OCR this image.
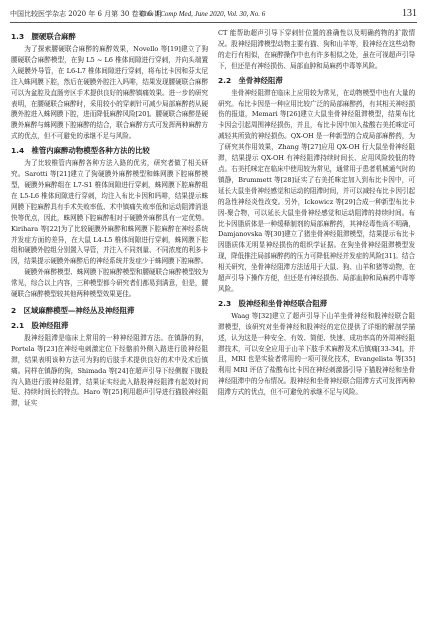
中国比较医学杂志 2020 年 6 月第 30 卷第 6 期
Chin J Comp Med, June 2020, Vol. 30, No. 6	131
1.3　腰硬联合麻醉

为了探索腰硬联合麻醉的麻醉效果，Novello 等[19]建立了狗腰硬联合麻醉模型，在狗 L5 ~ L6 椎体间隙进行穿刺，并向头端置入硬膜外导管，在 L6-L7 椎体间隙进行穿刺，将布比卡因和芬太尼注入蛛网膜下腔，然后在硬膜外腔注入吗啡，结果发现腰硬联合麻醉可以为盆腔及直肠旁区手术提供良好的麻醉镇痛效果。进一步的研究表明，在腰硬联合麻醉时，采用较小的穿刺针可减少局部麻醉药从硬膜外腔进入蛛网膜下腔，进而降低麻醉风险[20]。腰硬联合麻醉是硬膜外麻醉与蛛网膜下腔麻醉的结合，联合麻醉方式可发挥两种麻醉方式的优点，但不可避免的承继不足与风险。

1.4　椎管内麻醉动物模型各种方法的比较

为了比较椎管内麻醉各种方法入路的优劣，研究者做了相关研究。Sarotti 等[21]建立了狗硬膜外麻醉模型和蛛网膜下腔麻醉模型，硬膜外麻醉组在 L7-S1 椎体间隙进行穿刺，蛛网膜下腔麻醉组在 L5-L6 椎体间隙进行穿刺，均注入布比卡因和吗啡，结果提示蛛网膜下腔麻醉具有手术失败率低、术中镇痛失败率低和运动阻滞消退快等优点，因此，蛛网膜下腔麻醉相对于硬膜外麻醉具有一定优势。Kirihara 等[22]为了比较硬膜外麻醉和蛛网膜下腔麻醉在神经系统并发症方面的差异，在大鼠 L4-L5 椎体间隙进行穿刺，蛛网膜下腔组和硬膜外腔组分别置入导管，并注入不同剂量、不同浓度的利多卡因，结果提示硬膜外麻醉后的神经系统并发症少于蛛网膜下腔麻醉。

硬膜外麻醉模型、蛛网膜下腔麻醉模型和腰硬联合麻醉模型较为常见，综合以上内容，三种模型都今研究者们都易到满意，但是，腰硬联合麻醉模型较其他两种模型效果更佳。

2　区域麻醉模型—神经丛及神经阻滞
2.1　股神经阻滞

股神经阻滞是临床上常用的一种神经阻滞方法。在镇静的狗，Portela 等[23]在神经电刺激定位下经髂前外侧入路进行股神经阻滞，结果表明该种方法可为狗的后肢手术提供良好的术中及术后镇痛。同样在镇静的狗，Shimada 等[24]在超声引导下经侧腹下腹股沟入路进行股神经阻滞，结果证实经此入路股神经阻滞有起效时间短、持续时间长的特点。Haro 等[25]利用超声引导进行猫股神经阻滞，证实

CT 能帮助超声引导下穿刺针位置的准确性以及明确药物的扩散情况。股神经阻滞模型动物主要有猫、狗和山羊等，股神经在这些动物的走行有相似，在麻醉操作中也有许多相似之处，虽在可视超声引导下，但还是有神经损伤、局部血肿和局麻药中毒等风险。

2.2　坐骨神经阻滞

坐骨神经阻滞在临床上应用较为常见，在动物模型中也有大量的研究。布比卡因是一种应用比较广泛的局部麻醉药，有其相关神经损伤的报道，Memari 等[26]建立大鼠坐骨神经阻滞模型，结果布比卡因会引起周围神经损伤，并且，布比卡因中加入盐酸右美托咪定可减轻其所致的神经损伤。QX-OH 是一种新型的合成局部麻醉药，为了研究其作用效果，Zhang 等[27]应用 QX-OH 行大鼠坐骨神经阻滞，结果提示 QX-OH 有神经阻滞持续时间长、应用风险较低的特点。右美托咪定在临床中使用较为常见，通常用于患者机械通气时的镇静，Brummett 等[28]证实了右美托咪定加入到布比卡因中，可延长大鼠坐骨神经感觉和运动的阻滞时间，并可以减轻布比卡因引起的急性神经炎性改变。另外，Ickowicz 等[29]合成一种新型布比卡因-聚合物，可以延长大鼠坐骨神经感觉和运动阻滞的持续时间。布比卡因脂质体是一种缓释制剂的局部麻醉药，其神经毒性尚不明确，Damjanovska 等[30]建立了猪坐骨神经阻滞模型，结果提示布比卡因脂质体无明显神经损伤的组织学证据。在狗坐骨神经阻滞模型发现，降低推注局部麻醉药的压力可降低神经并发症的风险[31]。结合相关研究，坐骨神经阻滞方法适用于大鼠、狗、山羊和猪等动物，在超声引导下操作方便，但还是有神经损伤、局部血肿和局麻药中毒等风险。

2.3　股神经和坐骨神经联合阻滞

Waag 等[32]建立了超声引导下山羊坐骨神经和股神经联合阻滞模型，该研究对坐骨神经和股神经的定位提供了详细的解剖学描述，认为这是一种安全、有效、简便、快速、成功率高的外周神经阻滞技术，可以安全应用于山羊下肢手术麻醉及术后镇痛[33-34]。并且，MRI 也是实验者常用的一项可视化技术，Evangelista 等[35]利用 MRI 评估了盐酸布比卡因在神经刺激器引导下猫股神经和坐骨神经阻滞中的分布情况。股神经和坐骨神经联合阻滞方式可发挥两种阻滞方式的优点，但不可避免的承继不足与风险。
